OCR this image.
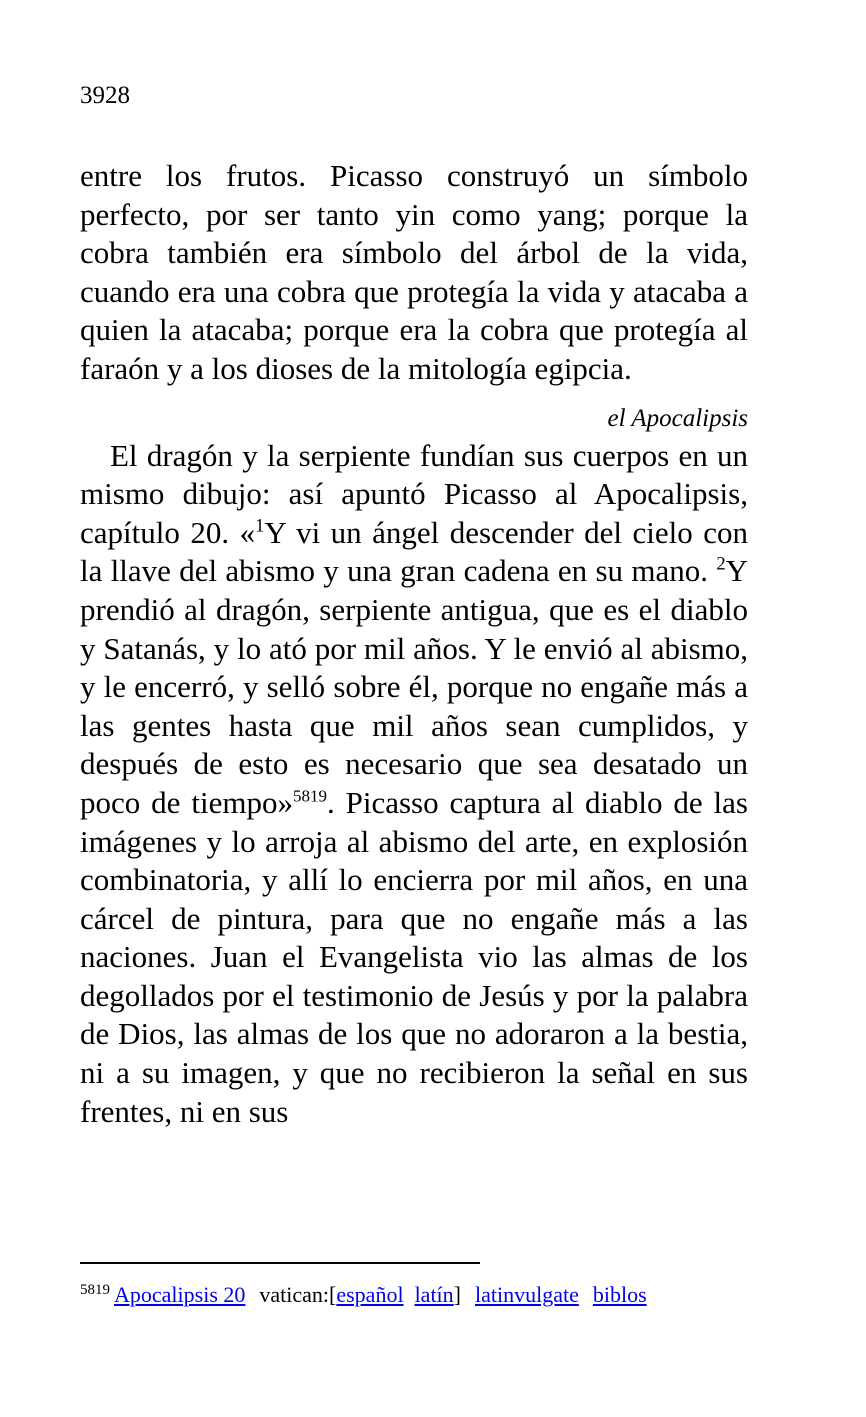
3928

entre los frutos. Picasso construyó un símbolo perfecto, por ser tanto yin como yang; porque la cobra también era símbolo del árbol de la vida, cuando era una cobra que protegía la vida y atacaba a quien la atacaba; porque era la cobra que protegía al faraón y a los dioses de la mitología egipcia.

el Apocalipsis

El dragón y la serpiente fundían sus cuerpos en un mismo dibujo: así apuntó Picasso al Apocalipsis, capítulo 20. «$^1$Y vi un ángel descender del cielo con la llave del abismo y una gran cadena en su mano. $^2$Y prendió al dragón, serpiente antigua, que es el diablo y Satanás, y lo ató por mil años. Y le envió al abismo, y le encerró, y selló sobre él, porque no engañe más a las gentes hasta que mil años sean cumplidos, y después de esto es necesario que sea desatado un poco de tiempo»$^{5819}$. Picasso captura al diablo de las imágenes y lo arroja al abismo del arte, en explosión combinatoria, y allí lo encierra por mil años, en una cárcel de pintura, para que no engañe más a las naciones. Juan el Evangelista vio las almas de los degollados por el testimonio de Jesús y por la palabra de Dios, las almas de los que no adoraron a la bestia, ni a su imagen, y que no recibieron la señal en sus frentes, ni en sus

$^{5819}$ Apocalipsis 20 vatican:[español latín] latinvulgate biblos
